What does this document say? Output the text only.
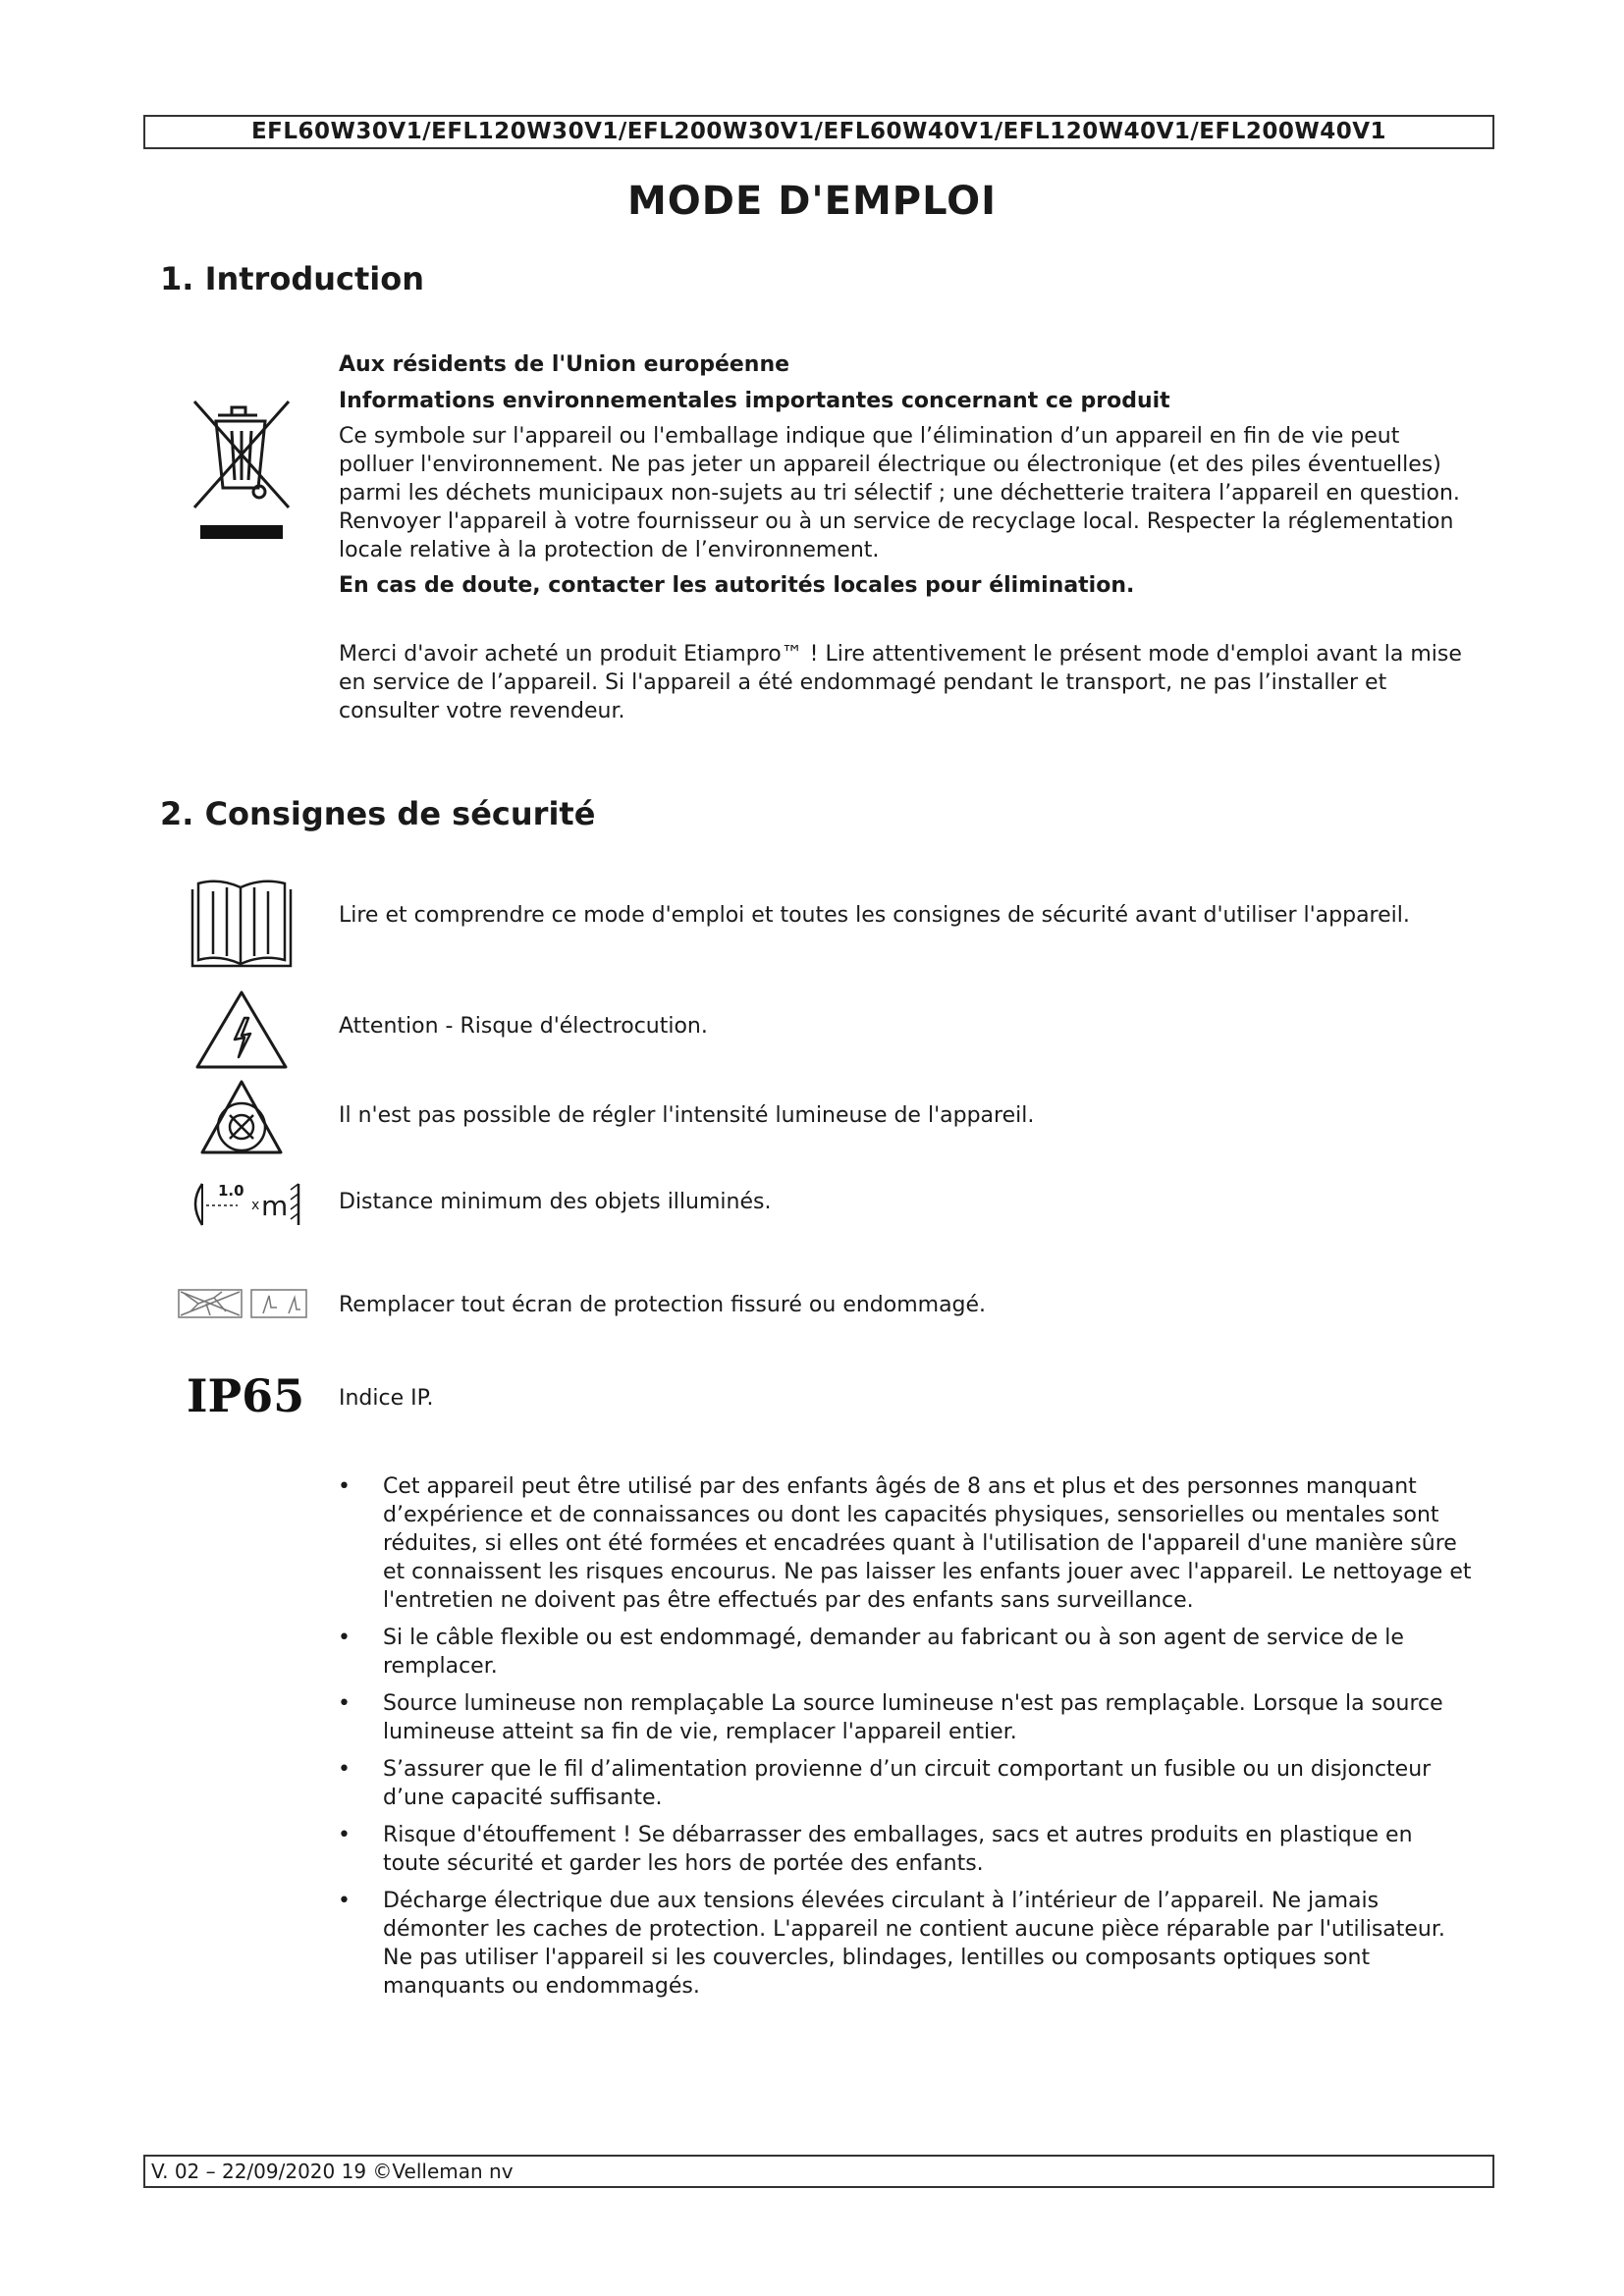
EFL60W30V1/EFL120W30V1/EFL200W30V1/EFL60W40V1/EFL120W40V1/EFL200W40V1
MODE D'EMPLOI
1. Introduction

Aux résidents de l'Union européenne

Informations environnementales importantes concernant ce produit

Ce symbole sur l'appareil ou l'emballage indique que l’élimination d’un appareil en fin de vie peut polluer l'environnement. Ne pas jeter un appareil électrique ou électronique (et des piles éventuelles) parmi les déchets municipaux non-sujets au tri sélectif ; une déchetterie traitera l’appareil en question. Renvoyer l'appareil à votre fournisseur ou à un service de recyclage local. Respecter la réglementation locale relative à la protection de l’environnement.

En cas de doute, contacter les autorités locales pour élimination.

Merci d'avoir acheté un produit Etiampro™ ! Lire attentivement le présent mode d'emploi avant la mise en service de l’appareil. Si l'appareil a été endommagé pendant le transport, ne pas l’installer et consulter votre revendeur.

2. Consignes de sécurité

Lire et comprendre ce mode d'emploi et toutes les consignes de sécurité avant d'utiliser l'appareil.

Attention - Risque d'électrocution.

Il n'est pas possible de régler l'intensité lumineuse de l'appareil.

1.0
x m Distance minimum des objets illuminés.

Remplacer tout écran de protection fissuré ou endommagé.

IP65 Indice IP.

• Cet appareil peut être utilisé par des enfants âgés de 8 ans et plus et des personnes manquant d’expérience et de connaissances ou dont les capacités physiques, sensorielles ou mentales sont réduites, si elles ont été formées et encadrées quant à l'utilisation de l'appareil d'une manière sûre et connaissent les risques encourus. Ne pas laisser les enfants jouer avec l'appareil. Le nettoyage et l'entretien ne doivent pas être effectués par des enfants sans surveillance.
• Si le câble flexible ou est endommagé, demander au fabricant ou à son agent de service de le remplacer.
• Source lumineuse non remplaçable La source lumineuse n'est pas remplaçable. Lorsque la source lumineuse atteint sa fin de vie, remplacer l'appareil entier.
• S’assurer que le fil d’alimentation provienne d’un circuit comportant un fusible ou un disjoncteur d’une capacité suffisante.
• Risque d'étouffement ! Se débarrasser des emballages, sacs et autres produits en plastique en toute sécurité et garder les hors de portée des enfants.
• Décharge électrique due aux tensions élevées circulant à l’intérieur de l’appareil. Ne jamais démonter les caches de protection. L'appareil ne contient aucune pièce réparable par l'utilisateur. Ne pas utiliser l'appareil si les couvercles, blindages, lentilles ou composants optiques sont manquants ou endommagés.
V. 02 – 22/09/2020 19 ©Velleman nv
